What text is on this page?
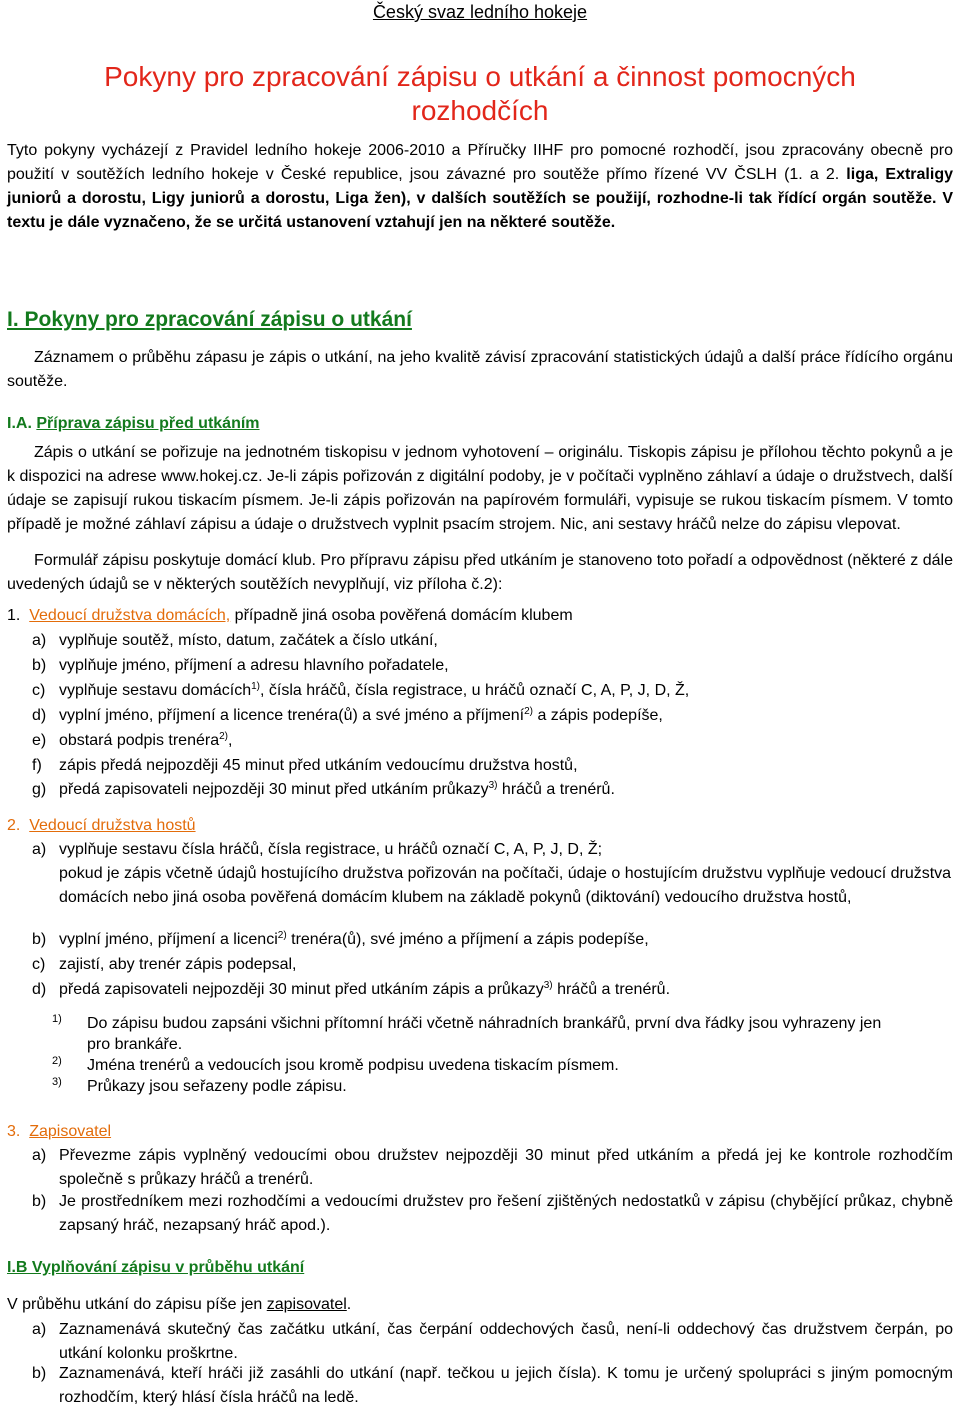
Český svaz ledního hokeje
Pokyny pro zpracování zápisu o utkání a činnost pomocných
rozhodčích
Tyto pokyny vycházejí z Pravidel ledního hokeje 2006-2010 a Příručky IIHF pro pomocné rozhodčí, jsou zpracovány obecně pro použití v soutěžích ledního hokeje v České republice, jsou závazné pro soutěže přímo řízené VV ČSLH (1. a 2. liga, Extraligy juniorů a dorostu, Ligy juniorů a dorostu, Liga žen), v dalších soutěžích se použijí, rozhodne-li tak řídící orgán soutěže. V textu je dále vyznačeno, že se určitá ustanovení vztahují jen na některé soutěže.
I. Pokyny pro zpracování zápisu o utkání
Záznamem o průběhu zápasu je zápis o utkání, na jeho kvalitě závisí zpracování statistických údajů a další práce řídícího orgánu soutěže.
I.A. Příprava zápisu před utkáním
Zápis o utkání se pořizuje na jednotném tiskopisu v jednom vyhotovení – originálu. Tiskopis zápisu je přílohou těchto pokynů a je k dispozici na adrese www.hokej.cz. Je-li zápis pořizován z digitální podoby, je v počítači vyplněno záhlaví a údaje o družstvech, další údaje se zapisují rukou tiskacím písmem. Je-li zápis pořizován na papírovém formuláři, vypisuje se rukou tiskacím písmem. V tomto případě je možné záhlaví zápisu a údaje o družstvech vyplnit psacím strojem. Nic, ani sestavy hráčů nelze do zápisu vlepovat.
Formulář zápisu poskytuje domácí klub. Pro přípravu zápisu před utkáním je stanoveno toto pořadí a odpovědnost (některé z dále uvedených údajů se v některých soutěžích nevyplňují, viz příloha č.2):
1. Vedoucí družstva domácích, případně jiná osoba pověřená domácím klubem
a) vyplňuje soutěž, místo, datum, začátek a číslo utkání,
b) vyplňuje jméno, příjmení a adresu hlavního pořadatele,
c) vyplňuje sestavu domácích$^{1)}$, čísla hráčů, čísla registrace, u hráčů označí C, A, P, J, D, Ž,
d) vyplní jméno, příjmení a licence trenéra(ů) a své jméno a příjmení$^{2)}$ a zápis podepíše,
e) obstará podpis trenéra$^{2)}$,
f) zápis předá nejpozději 45 minut před utkáním vedoucímu družstva hostů,
g) předá zapisovateli nejpozději 30 minut před utkáním průkazy$^{3)}$ hráčů a trenérů.
2. Vedoucí družstva hostů
a) vyplňuje sestavu čísla hráčů, čísla registrace, u hráčů označí C, A, P, J, D, Ž;
pokud je zápis včetně údajů hostujícího družstva pořizován na počítači, údaje o hostujícím družstvu vyplňuje vedoucí družstva domácích nebo jiná osoba pověřená domácím klubem na základě pokynů (diktování) vedoucího družstva hostů,
b) vyplní jméno, příjmení a licenci$^{2)}$ trenéra(ů), své jméno a příjmení a zápis podepíše,
c) zajistí, aby trenér zápis podepsal,
d) předá zapisovateli nejpozději 30 minut před utkáním zápis a průkazy$^{3)}$ hráčů a trenérů.
1) Do zápisu budou zapsáni všichni přítomní hráči včetně náhradních brankářů, první dva řádky jsou vyhrazeny jen pro brankáře.
2) Jména trenérů a vedoucích jsou kromě podpisu uvedena tiskacím písmem.
3) Průkazy jsou seřazeny podle zápisu.
3. Zapisovatel
a) Převezme zápis vyplněný vedoucími obou družstev nejpozději 30 minut před utkáním a předá jej ke kontrole rozhodčím společně s průkazy hráčů a trenérů.
b) Je prostředníkem mezi rozhodčími a vedoucími družstev pro řešení zjištěných nedostatků v zápisu (chybějící průkaz, chybně zapsaný hráč, nezapsaný hráč apod.).
I.B Vyplňování zápisu v průběhu utkání
V průběhu utkání do zápisu píše jen zapisovatel.
a) Zaznamenává skutečný čas začátku utkání, čas čerpání oddechových časů, není-li oddechový čas družstvem čerpán, po utkání kolonku proškrtne.
b) Zaznamenává, kteří hráči již zasáhli do utkání (např. tečkou u jejich čísla). K tomu je určený spolupráci s jiným pomocným rozhodčím, který hlásí čísla hráčů na ledě.
